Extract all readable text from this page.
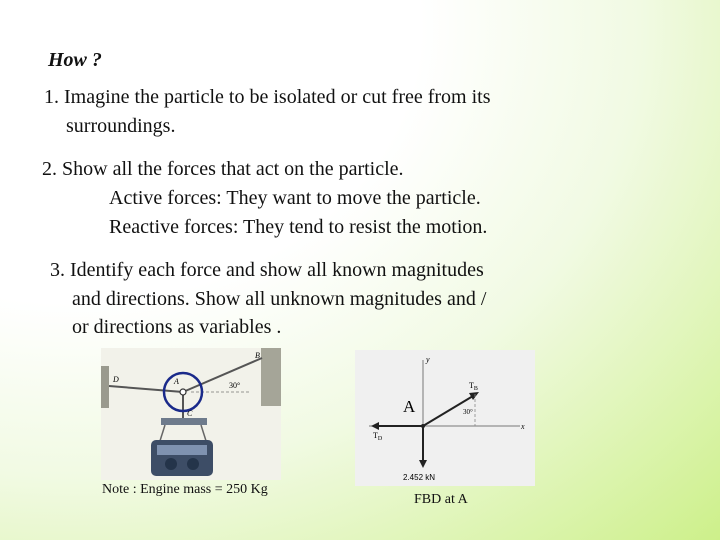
How ?

1. Imagine the particle to be isolated or cut free from its

surroundings.

2. Show all the forces that act on the particle.

Active forces: They want to move the particle.

Reactive forces: They tend to resist the motion.

3. Identify each force and show all known magnitudes

and directions. Show all unknown magnitudes and /

or directions as variables .

D	A
B
C
30°

Note : Engine mass = 250 Kg

y
x
$T_B$
$T_D$
30°
2.452 kN
A

FBD at A
